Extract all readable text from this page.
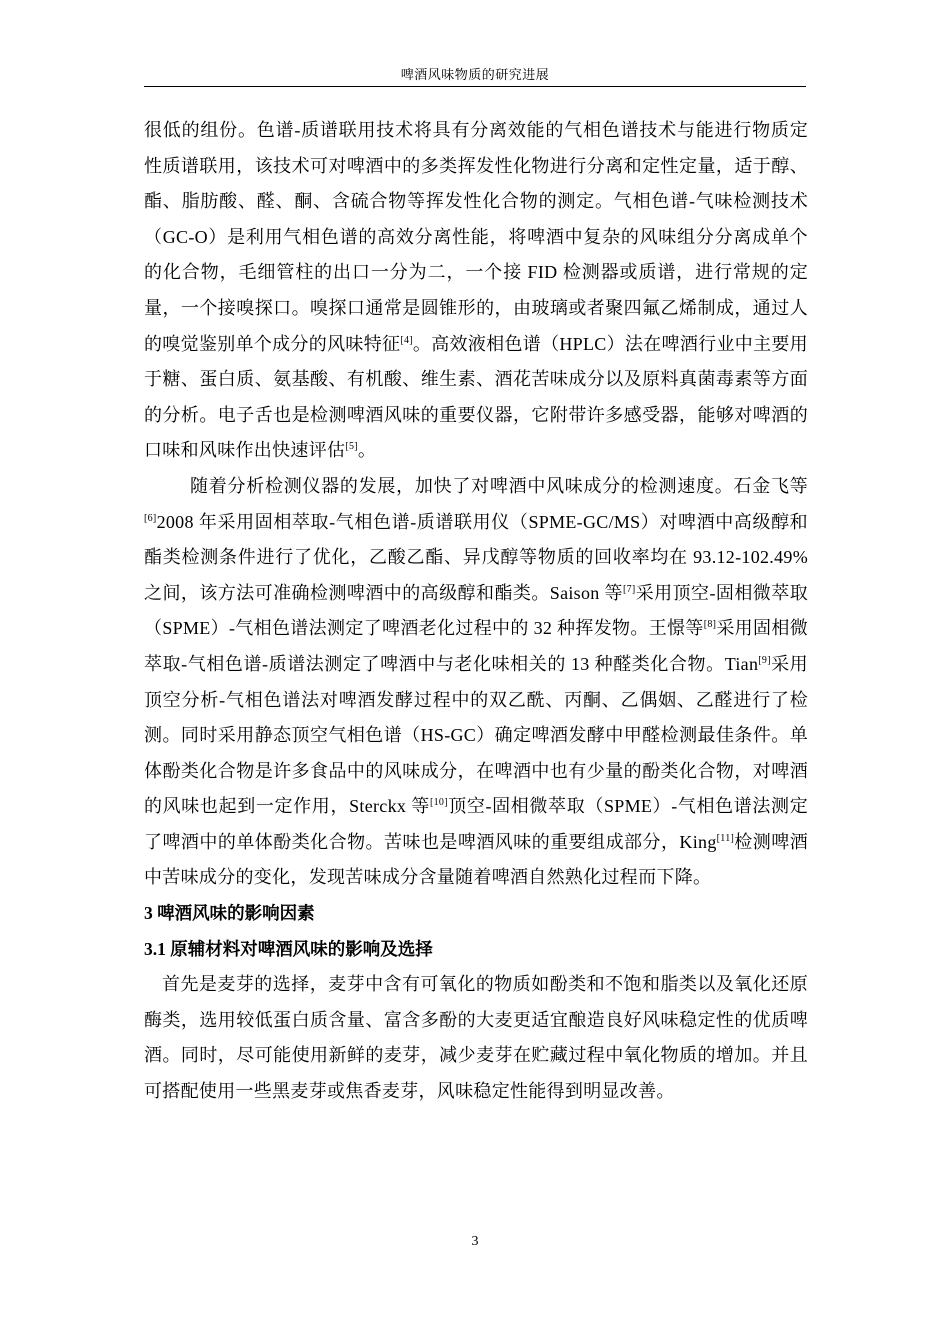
啤酒风味物质的研究进展

很低的组份。色谱-质谱联用技术将具有分离效能的气相色谱技术与能进行物质定性质谱联用，该技术可对啤酒中的多类挥发性化物进行分离和定性定量，适于醇、酯、脂肪酸、醛、酮、含硫合物等挥发性化合物的测定。气相色谱-气味检测技术（GC-O）是利用气相色谱的高效分离性能，将啤酒中复杂的风味组分分离成单个的化合物，毛细管柱的出口一分为二，一个接 FID 检测器或质谱，进行常规的定量，一个接嗅探口。嗅探口通常是圆锥形的，由玻璃或者聚四氟乙烯制成，通过人的嗅觉鉴别单个成分的风味特征[4]。高效液相色谱（HPLC）法在啤酒行业中主要用于糖、蛋白质、氨基酸、有机酸、维生素、酒花苦味成分以及原料真菌毒素等方面的分析。电子舌也是检测啤酒风味的重要仪器，它附带许多感受器，能够对啤酒的口味和风味作出快速评估[5]。

随着分析检测仪器的发展，加快了对啤酒中风味成分的检测速度。石金飞等[6]2008 年采用固相萃取-气相色谱-质谱联用仪（SPME-GC/MS）对啤酒中高级醇和酯类检测条件进行了优化，乙酸乙酯、异戊醇等物质的回收率均在 93.12-102.49%之间，该方法可准确检测啤酒中的高级醇和酯类。Saison 等[7]采用顶空-固相微萃取（SPME）-气相色谱法测定了啤酒老化过程中的 32 种挥发物。王憬等[8]采用固相微萃取-气相色谱-质谱法测定了啤酒中与老化味相关的 13 种醛类化合物。Tian[9]采用顶空分析-气相色谱法对啤酒发酵过程中的双乙酰、丙酮、乙偶姻、乙醛进行了检测。同时采用静态顶空气相色谱（HS-GC）确定啤酒发酵中甲醛检测最佳条件。单体酚类化合物是许多食品中的风味成分，在啤酒中也有少量的酚类化合物，对啤酒的风味也起到一定作用，Sterckx 等[10]顶空-固相微萃取（SPME）-气相色谱法测定了啤酒中的单体酚类化合物。苦味也是啤酒风味的重要组成部分，King[11]检测啤酒中苦味成分的变化，发现苦味成分含量随着啤酒自然熟化过程而下降。

3 啤酒风味的影响因素

3.1 原辅材料对啤酒风味的影响及选择

首先是麦芽的选择，麦芽中含有可氧化的物质如酚类和不饱和脂类以及氧化还原酶类，选用较低蛋白质含量、富含多酚的大麦更适宜酿造良好风味稳定性的优质啤酒。同时，尽可能使用新鲜的麦芽，减少麦芽在贮藏过程中氧化物质的增加。并且可搭配使用一些黑麦芽或焦香麦芽，风味稳定性能得到明显改善。

3
